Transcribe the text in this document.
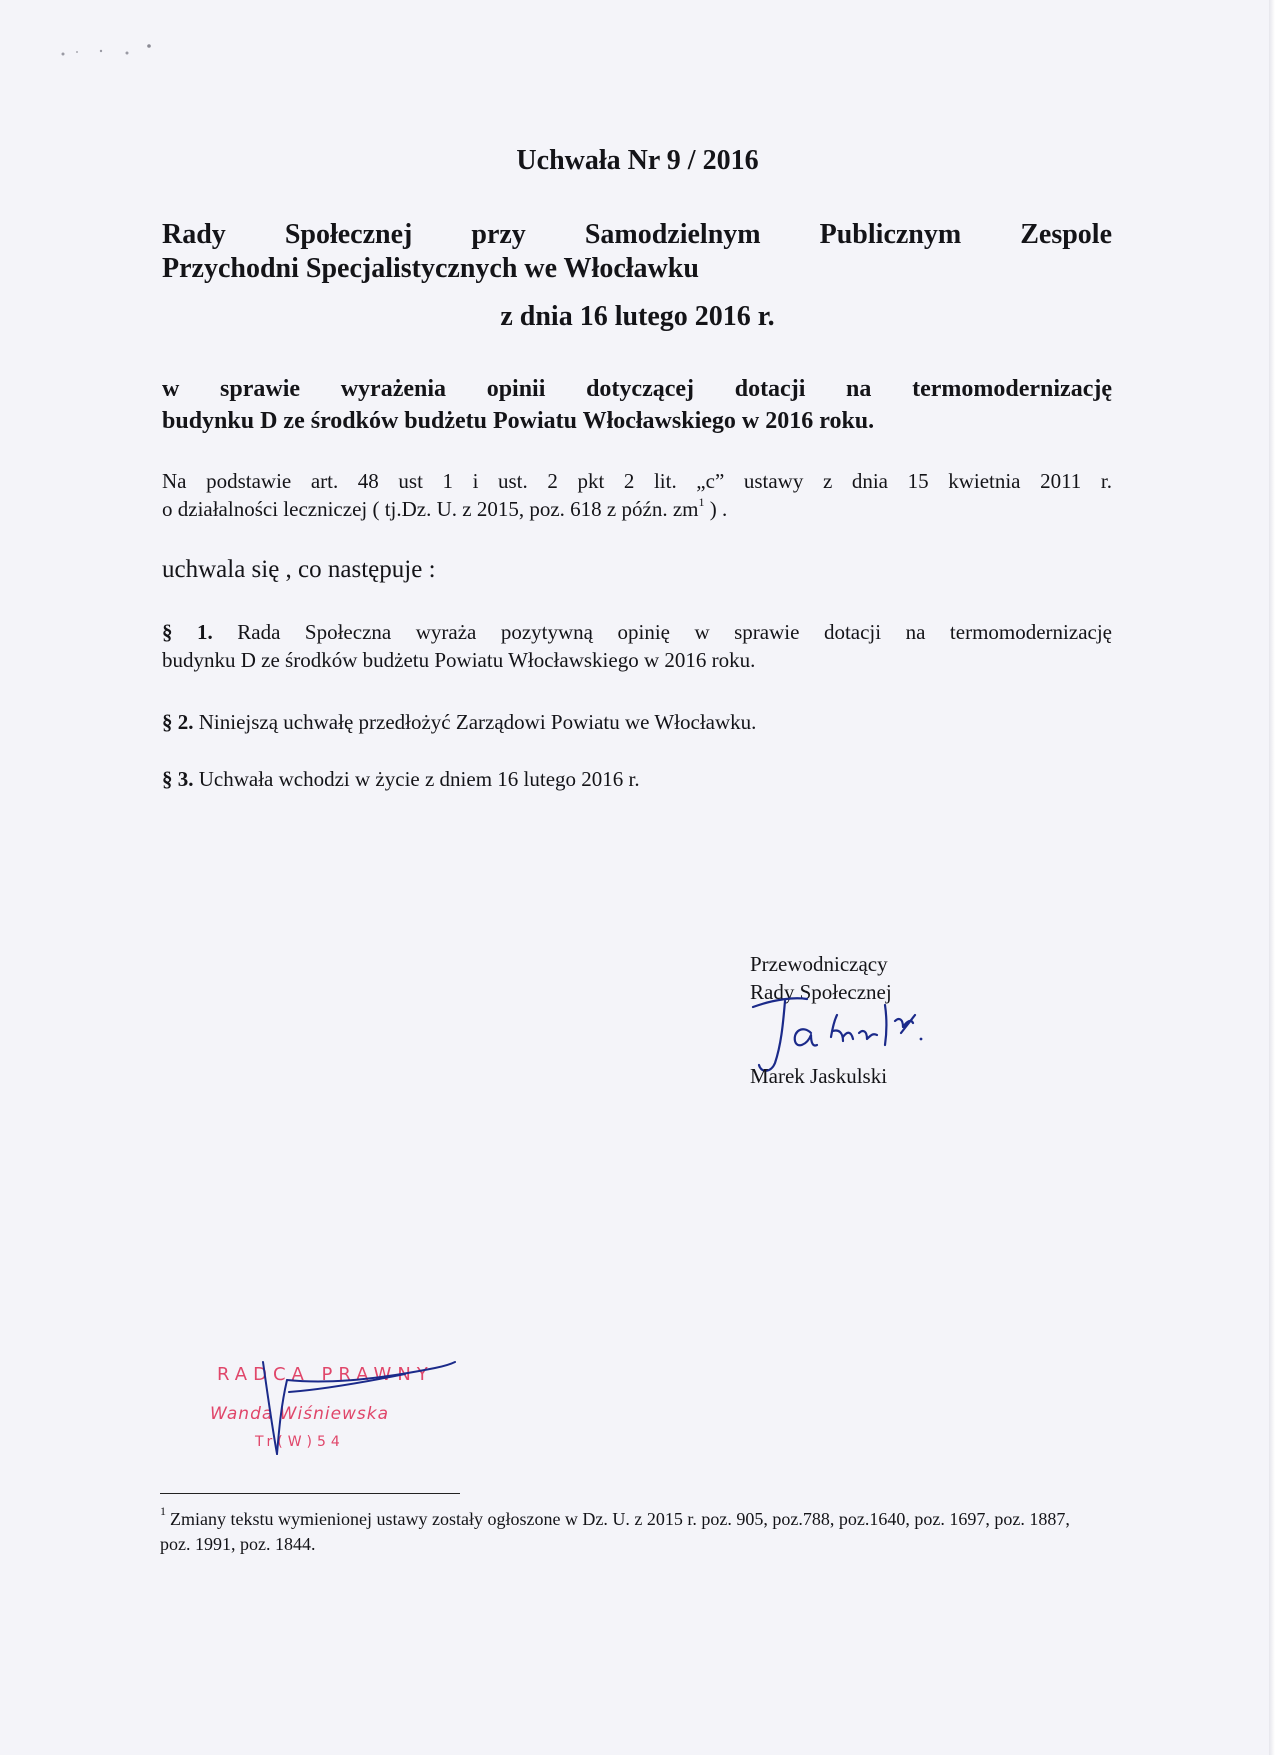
Uchwała Nr 9 / 2016
Rady Społecznej przy Samodzielnym Publicznym Zespole
Przychodni Specjalistycznych we Włocławku
z dnia 16 lutego 2016 r.
w sprawie wyrażenia opinii dotyczącej dotacji na termomodernizację
budynku D ze środków budżetu Powiatu Włocławskiego w 2016 roku.
Na podstawie art. 48 ust 1 i ust. 2 pkt 2 lit. „c” ustawy z dnia 15 kwietnia 2011 r.
o działalności leczniczej ( tj.Dz. U. z 2015, poz. 618 z późn. $zm^1$ ) .
uchwala się , co następuje :
§ 1. Rada Społeczna wyraża pozytywną opinię w sprawie dotacji na termomodernizację
budynku D ze środków budżetu Powiatu Włocławskiego w 2016 roku.
§ 2. Niniejszą uchwałę przedłożyć Zarządowi Powiatu we Włocławku.
§ 3. Uchwała wchodzi w życie z dniem 16 lutego 2016 r.
Przewodniczący
Rady Społecznej
Marek Jaskulski
RADCA PRAWNY
Wanda Wiśniewska
Tr(W)54
$^1$ Zmiany tekstu wymienionej ustawy zostały ogłoszone w Dz. U. z 2015 r. poz. 905, poz.788, poz.1640, poz. 1697, poz. 1887, poz. 1991, poz. 1844.
